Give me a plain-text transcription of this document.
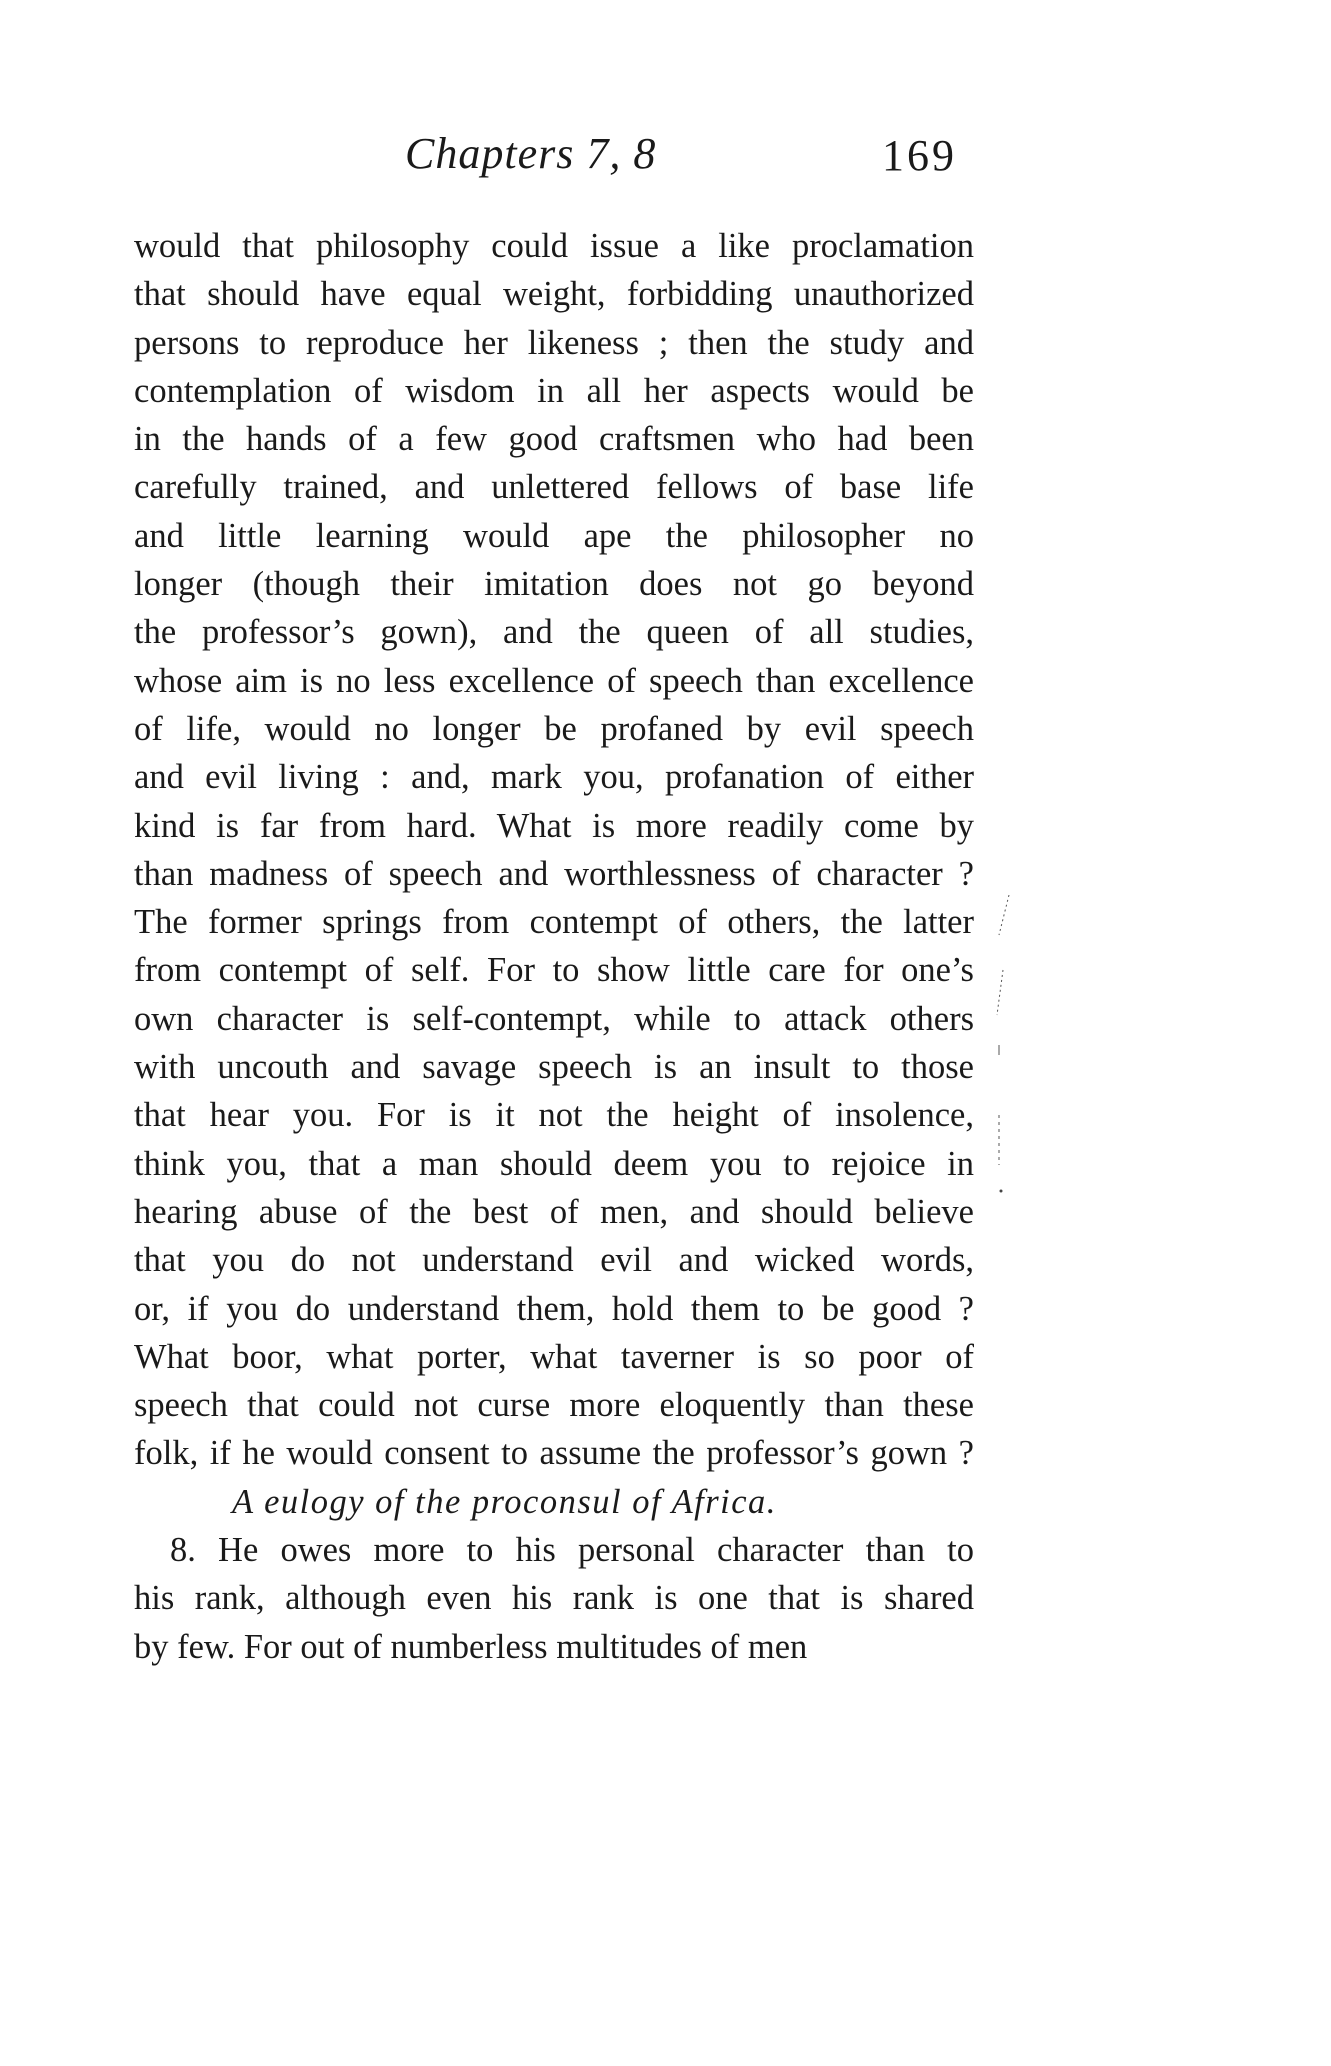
Chapters 7, 8	169
would that philosophy could issue a like proclamation
that should have equal weight, forbidding unauthorized
persons to reproduce her likeness ; then the study and
contemplation of wisdom in all her aspects would be
in the hands of a few good craftsmen who had been
carefully trained, and unlettered fellows of base life
and little learning would ape the philosopher no
longer (though their imitation does not go beyond
the professor’s gown), and the queen of all studies,
whose aim is no less excellence of speech than excellence
of life, would no longer be profaned by evil speech
and evil living : and, mark you, profanation of either
kind is far from hard. What is more readily come by
than madness of speech and worthlessness of character ?
The former springs from contempt of others, the latter
from contempt of self. For to show little care for one’s
own character is self-contempt, while to attack others
with uncouth and savage speech is an insult to those
that hear you. For is it not the height of insolence,
think you, that a man should deem you to rejoice in
hearing abuse of the best of men, and should believe
that you do not understand evil and wicked words,
or, if you do understand them, hold them to be good ?
What boor, what porter, what taverner is so poor of
speech that could not curse more eloquently than these
folk, if he would consent to assume the professor’s gown ?
A eulogy of the proconsul of Africa.
8. He owes more to his personal character than to
his rank, although even his rank is one that is shared
by few. For out of numberless multitudes of men
